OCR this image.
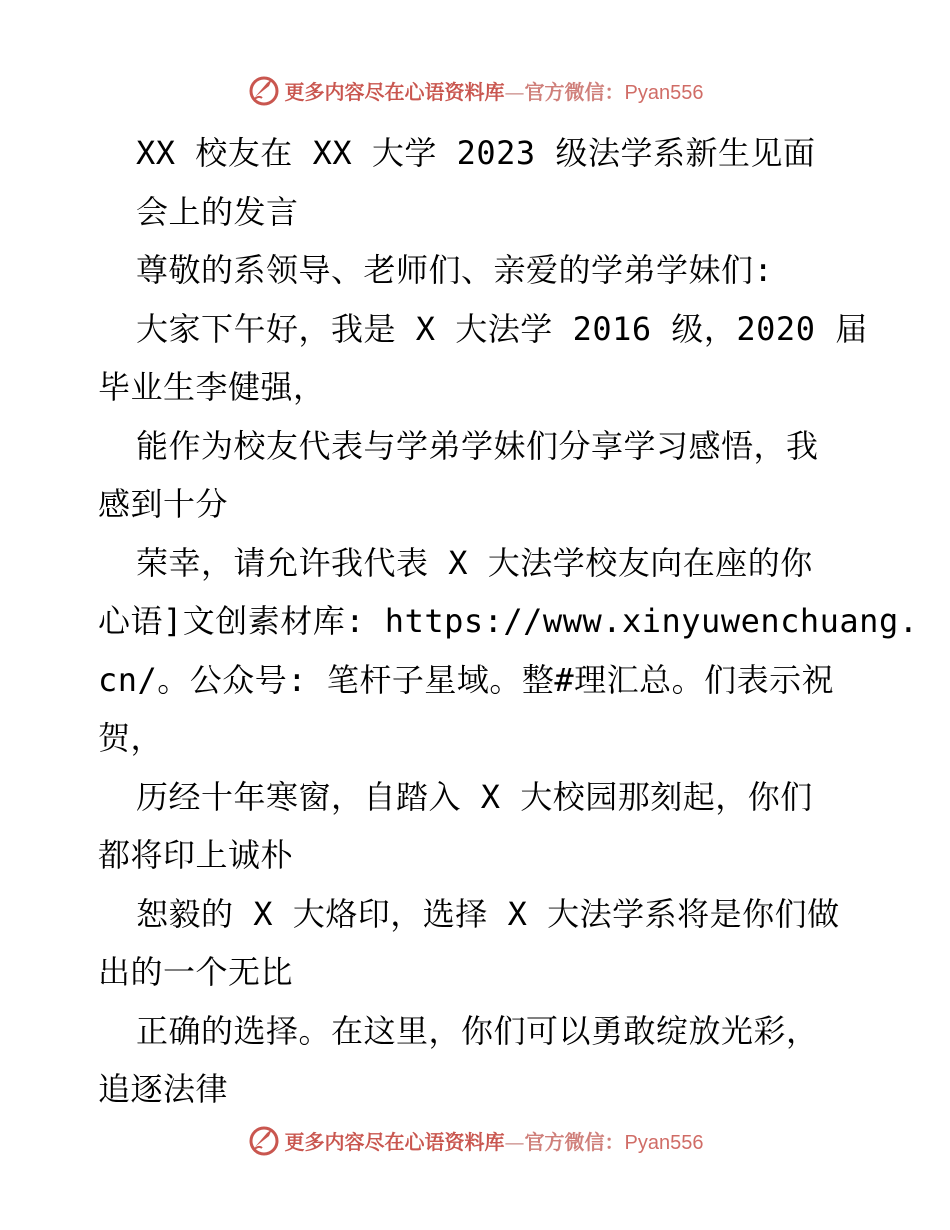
更多内容尽在心语资料库—官方微信：Pyan556
XX 校友在 XX 大学 2023 级法学系新生见面
会上的发言
尊敬的系领导、老师们、亲爱的学弟学妹们:
大家下午好，我是 X 大法学 2016 级，2020 届
毕业生李健强，
能作为校友代表与学弟学妹们分享学习感悟，我
感到十分
荣幸，请允许我代表 X 大法学校友向在座的你
心语]文创素材库: https://www.xinyuwenchuang.
cn/。公众号: 笔杆子星域。整#理汇总。们表示祝
贺，
历经十年寒窗，自踏入 X 大校园那刻起，你们
都将印上诚朴
恕毅的 X 大烙印，选择 X 大法学系将是你们做
出的一个无比
正确的选择。在这里，你们可以勇敢绽放光彩，
追逐法律
更多内容尽在心语资料库—官方微信：Pyan556
